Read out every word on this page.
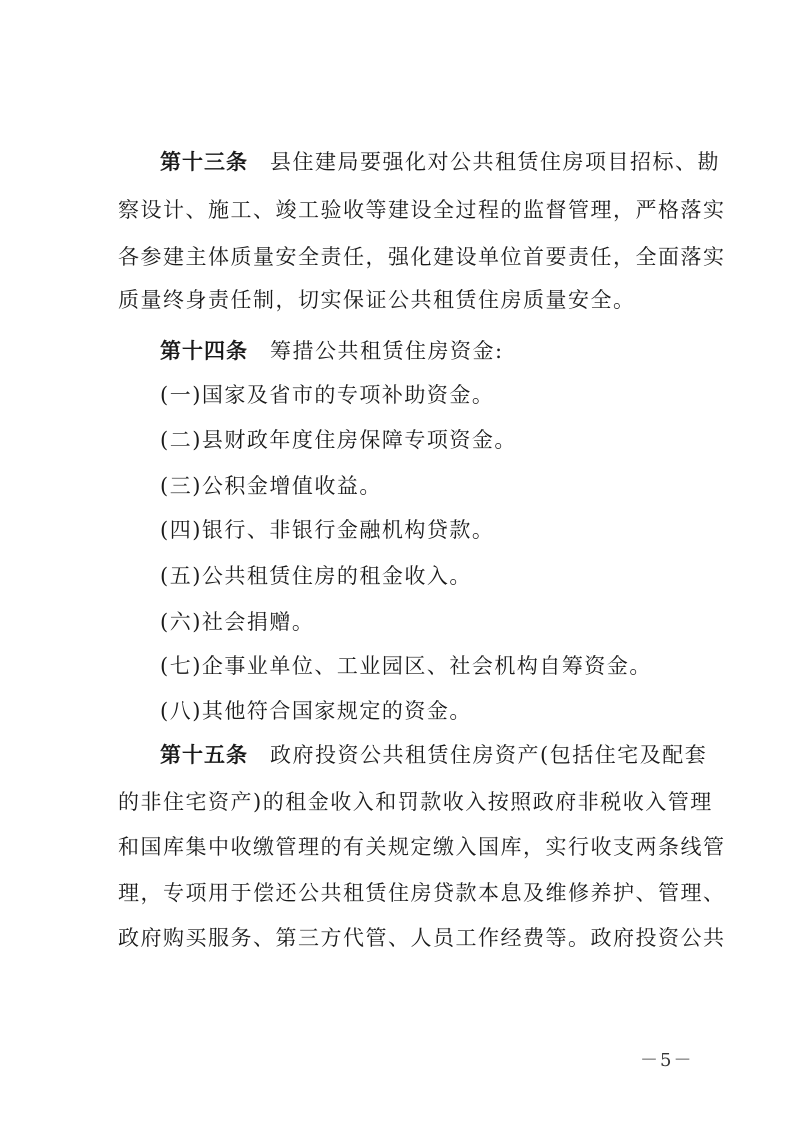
第十三条 县住建局要强化对公共租赁住房项目招标、勘
察设计、施工、竣工验收等建设全过程的监督管理，严格落实
各参建主体质量安全责任，强化建设单位首要责任，全面落实
质量终身责任制，切实保证公共租赁住房质量安全。
第十四条 筹措公共租赁住房资金:
(一)国家及省市的专项补助资金。
(二)县财政年度住房保障专项资金。
(三)公积金增值收益。
(四)银行、非银行金融机构贷款。
(五)公共租赁住房的租金收入。
(六)社会捐赠。
(七)企事业单位、工业园区、社会机构自筹资金。
(八)其他符合国家规定的资金。
第十五条 政府投资公共租赁住房资产(包括住宅及配套
的非住宅资产)的租金收入和罚款收入按照政府非税收入管理
和国库集中收缴管理的有关规定缴入国库，实行收支两条线管
理，专项用于偿还公共租赁住房贷款本息及维修养护、管理、
政府购买服务、第三方代管、人员工作经费等。政府投资公共
－5－
